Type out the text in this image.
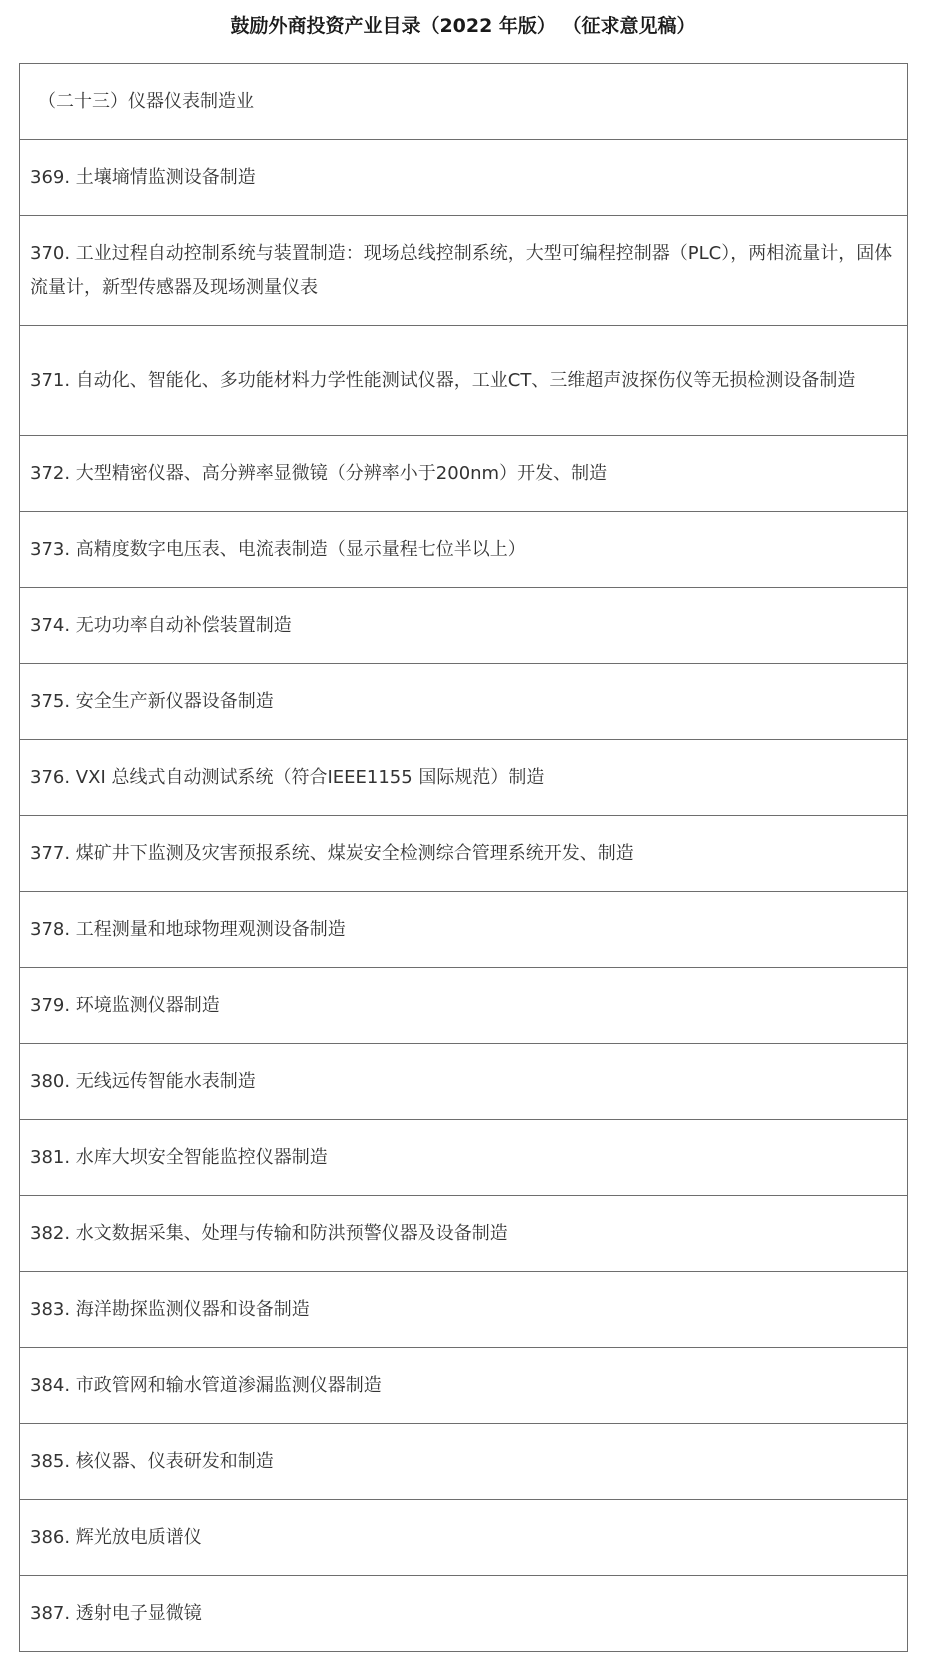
鼓励外商投资产业目录（2022 年版） （征求意见稿）
（二十三）仪器仪表制造业
369. 土壤墒情监测设备制造
370. 工业过程自动控制系统与装置制造：现场总线控制系统，大型可编程控制器（PLC），两相流量计，固体流量计，新型传感器及现场测量仪表
371. 自动化、智能化、多功能材料力学性能测试仪器，工业CT、三维超声波探伤仪等无损检测设备制造
372. 大型精密仪器、高分辨率显微镜（分辨率小于200nm）开发、制造
373. 高精度数字电压表、电流表制造（显示量程七位半以上）
374. 无功功率自动补偿装置制造
375. 安全生产新仪器设备制造
376. VXI 总线式自动测试系统（符合IEEE1155 国际规范）制造
377. 煤矿井下监测及灾害预报系统、煤炭安全检测综合管理系统开发、制造
378. 工程测量和地球物理观测设备制造
379. 环境监测仪器制造
380. 无线远传智能水表制造
381. 水库大坝安全智能监控仪器制造
382. 水文数据采集、处理与传输和防洪预警仪器及设备制造
383. 海洋勘探监测仪器和设备制造
384. 市政管网和输水管道渗漏监测仪器制造
385. 核仪器、仪表研发和制造
386. 辉光放电质谱仪
387. 透射电子显微镜
